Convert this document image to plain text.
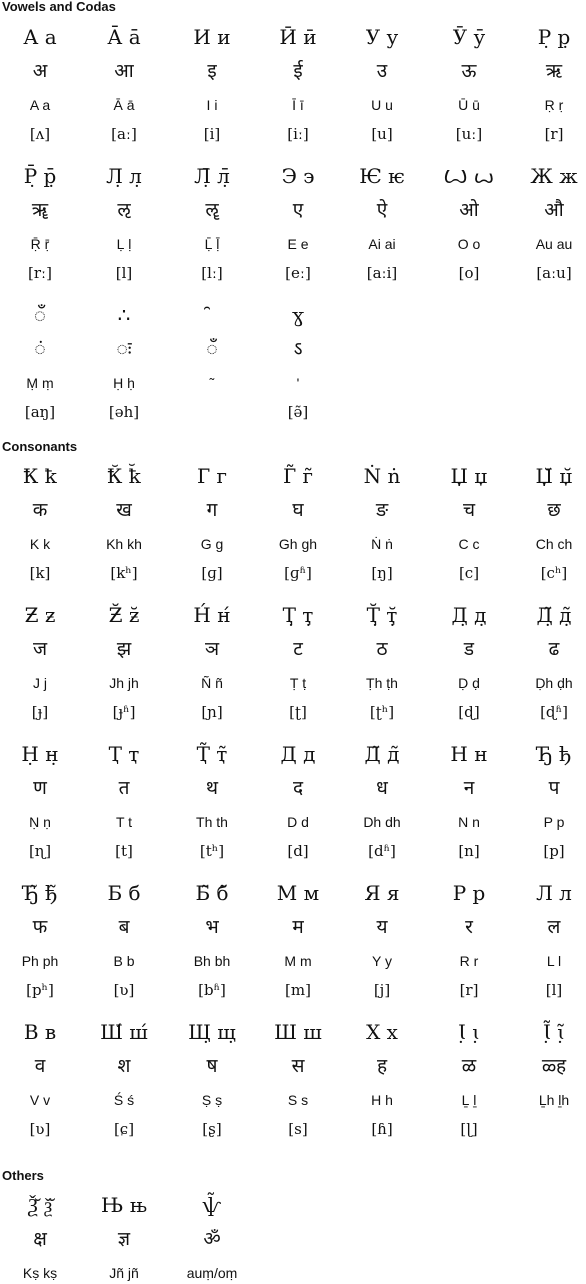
Vowels and Codas
А а
अ
A a
[ʌ]
А̄ а̄
आ
Ā ā
[aː]
И и
इ
I i
[i]
Ӣ ӣ
ई
Ī ī
[iː]
У у
उ
U u
[u]
Ӯ ӯ
ऊ
Ū ū
[uː]
Р̣ р̣
ऋ
Ṛ ṛ
[r]
Р̣̄ р̣̄
ॠ
Ṝ ṝ
[rː]
Л̣ л̣
ऌ
Ḷ ḷ
[l]
Л̣̄ л̣̄
ॡ
Ḹ ḹ
[lː]
Э э
ए
E e
[eː]
Ѥ ѥ
ऐ
Ai ai
[aːi]
Ꙍ ꙍ
ओ
O o
[o]
Ж ж
औ
Au au
[aːu]
ँ
ं
Ṃ ṃ
[aŋ]
∴
ः
Ḥ ḥ
[əh]
ँ
˜
ɣ
ऽ
'
[ə̃]
Consonants
Ꝁ ꝁ
क
K k
[k]
Ꝁ̆ ꝁ̆
ख
Kh kh
[kʰ]
Г г
ग
G g
[ɡ]
Г̃ г̃
घ
Gh gh
[ɡʱ]
Ṅ ṅ
ङ
Ṅ ṅ
[ŋ]
Џ џ
च
C c
[c]
Џ̆ џ̆
छ
Ch ch
[cʰ]
Ƶ ƶ
ज
J j
[ɟ]
Ƶ̆ ƶ̆
झ
Jh jh
[ɟʱ]
Н́ н́
ञ
Ñ ñ
[ɲ]
Ҭ̣ ҭ̣
ट
Ṭ ṭ
[ʈ]
Ҭ̣̆ ҭ̣̆
ठ
Ṭh ṭh
[ʈʰ]
Д̣ д̣
ड
Ḍ ḍ
[ɖ]
Д̣̃ д̣̃
ढ
Ḍh ḍh
[ɖʱ]
Н̣ н̣
ण
Ṇ ṇ
[ɳ]
Ҭ ҭ
त
T t
[t]
Ҭ̃ ҭ̃
थ
Th th
[tʰ]
Д д
द
D d
[d]
Д̃ д̃
ध
Dh dh
[dʱ]
Н н
न
N n
[n]
Ђ ђ
प
P p
[p]
Ђ̃ ђ̃
फ
Ph ph
[pʰ]
Б б
ब
B b
[ʋ]
Б̃ б̃
भ
Bh bh
[bʱ]
М м
म
M m
[m]
Я я
य
Y y
[j]
Р р
र
R r
[r]
Л л
ल
L l
[l]
В в
व
V v
[ʋ]
Ш́ ш́
श
Ś ś
[ɕ]
Щ̣ щ̣
ष
Ṣ ṣ
[ʂ]
Ш ш
स
S s
[s]
Х х
ह
H h
[ɦ]
Ꙇ̣ ꙇ̣
ळ
Ḻ ḻ
[ɭ]
Ꙇ̣̃ ꙇ̣̃
ळ्ह
Ḻh ḻh
Others
Ѯ̆ ѯ̆
क्ष
Kṣ kṣ
Њ њ
ज्ञ
Jñ jñ
ѱ̃
ॐ
auṃ/oṃ
